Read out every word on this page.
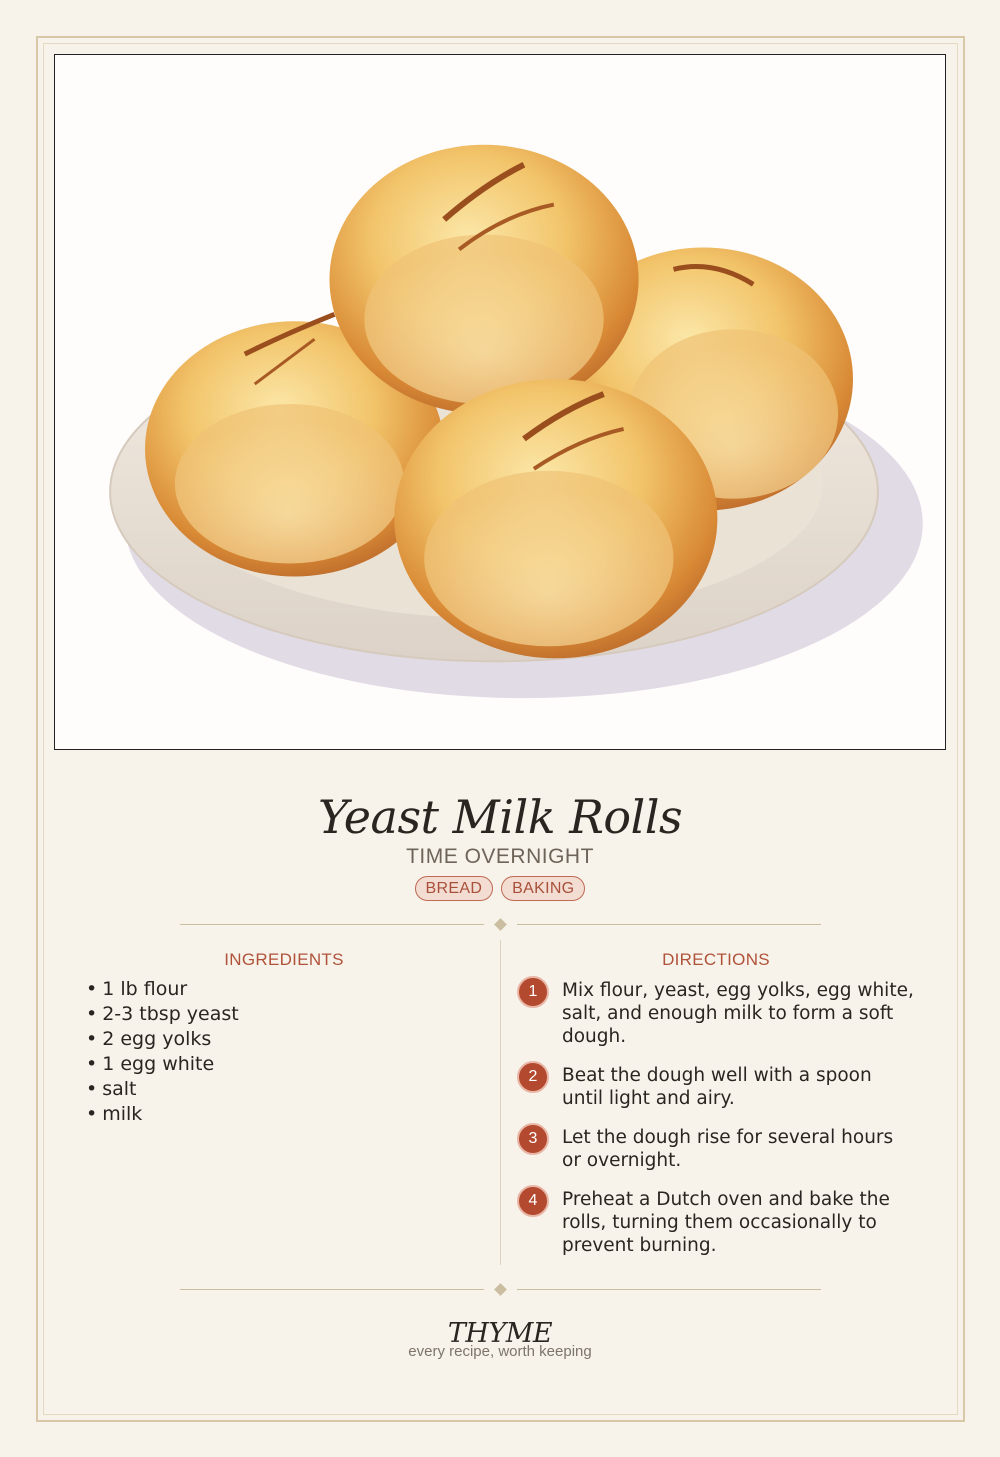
Yeast Milk Rolls
TIME OVERNIGHT
BREAD	BAKING
INGREDIENTS	DIRECTIONS
• 1 lb flour
• 2-3 tbsp yeast
• 2 egg yolks
• 1 egg white
• salt
• milk
1	Mix flour, yeast, egg yolks, egg white, salt, and enough milk to form a soft dough.
2	Beat the dough well with a spoon until light and airy.
3	Let the dough rise for several hours or overnight.
4	Preheat a Dutch oven and bake the rolls, turning them occasionally to prevent burning.
THYME
every recipe, worth keeping
